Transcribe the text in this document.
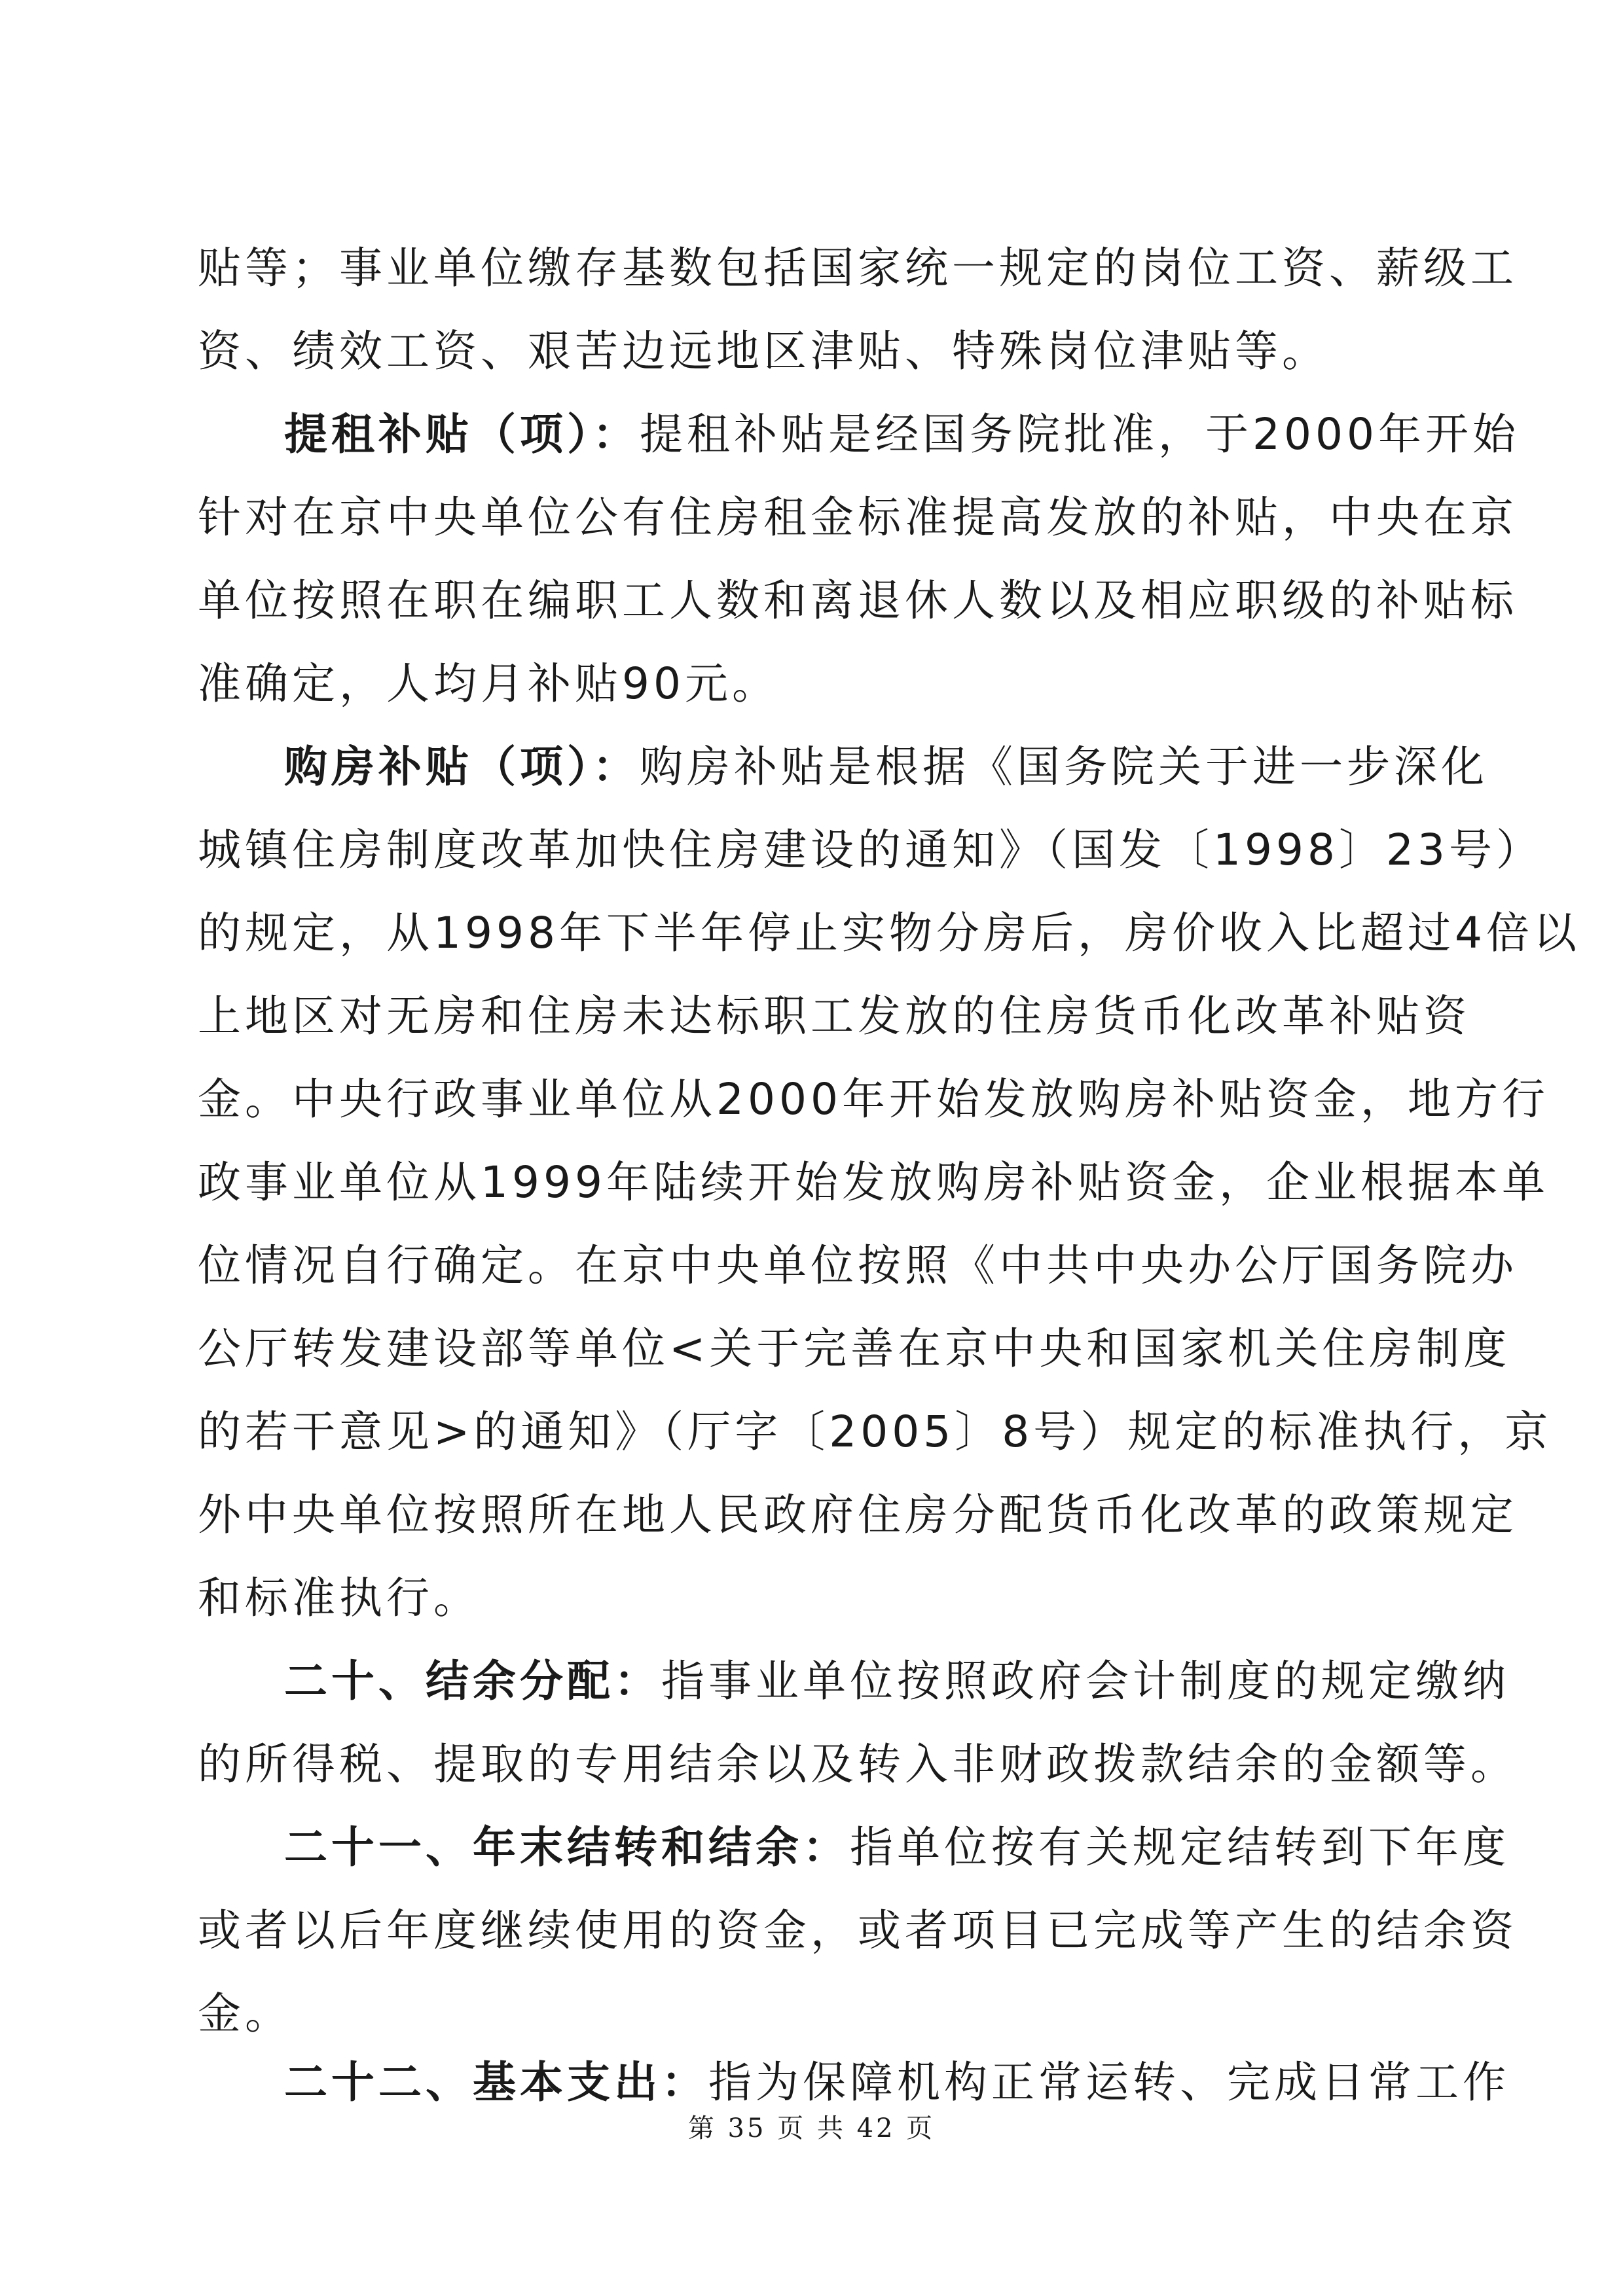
贴等；事业单位缴存基数包括国家统一规定的岗位工资、薪级工
资、绩效工资、艰苦边远地区津贴、特殊岗位津贴等。
提租补贴（项）：提租补贴是经国务院批准，于2000年开始
针对在京中央单位公有住房租金标准提高发放的补贴，中央在京
单位按照在职在编职工人数和离退休人数以及相应职级的补贴标
准确定，人均月补贴90元。
购房补贴（项）：购房补贴是根据《国务院关于进一步深化
城镇住房制度改革加快住房建设的通知》（国发〔1998〕23号）
的规定，从1998年下半年停止实物分房后，房价收入比超过4倍以
上地区对无房和住房未达标职工发放的住房货币化改革补贴资
金。中央行政事业单位从2000年开始发放购房补贴资金，地方行
政事业单位从1999年陆续开始发放购房补贴资金，企业根据本单
位情况自行确定。在京中央单位按照《中共中央办公厅国务院办
公厅转发建设部等单位<关于完善在京中央和国家机关住房制度
的若干意见>的通知》（厅字〔2005〕8号）规定的标准执行，京
外中央单位按照所在地人民政府住房分配货币化改革的政策规定
和标准执行。
二十、结余分配：指事业单位按照政府会计制度的规定缴纳
的所得税、提取的专用结余以及转入非财政拨款结余的金额等。
二十一、年末结转和结余：指单位按有关规定结转到下年度
或者以后年度继续使用的资金，或者项目已完成等产生的结余资
金。
二十二、基本支出：指为保障机构正常运转、完成日常工作
第 35 页 共 42 页
